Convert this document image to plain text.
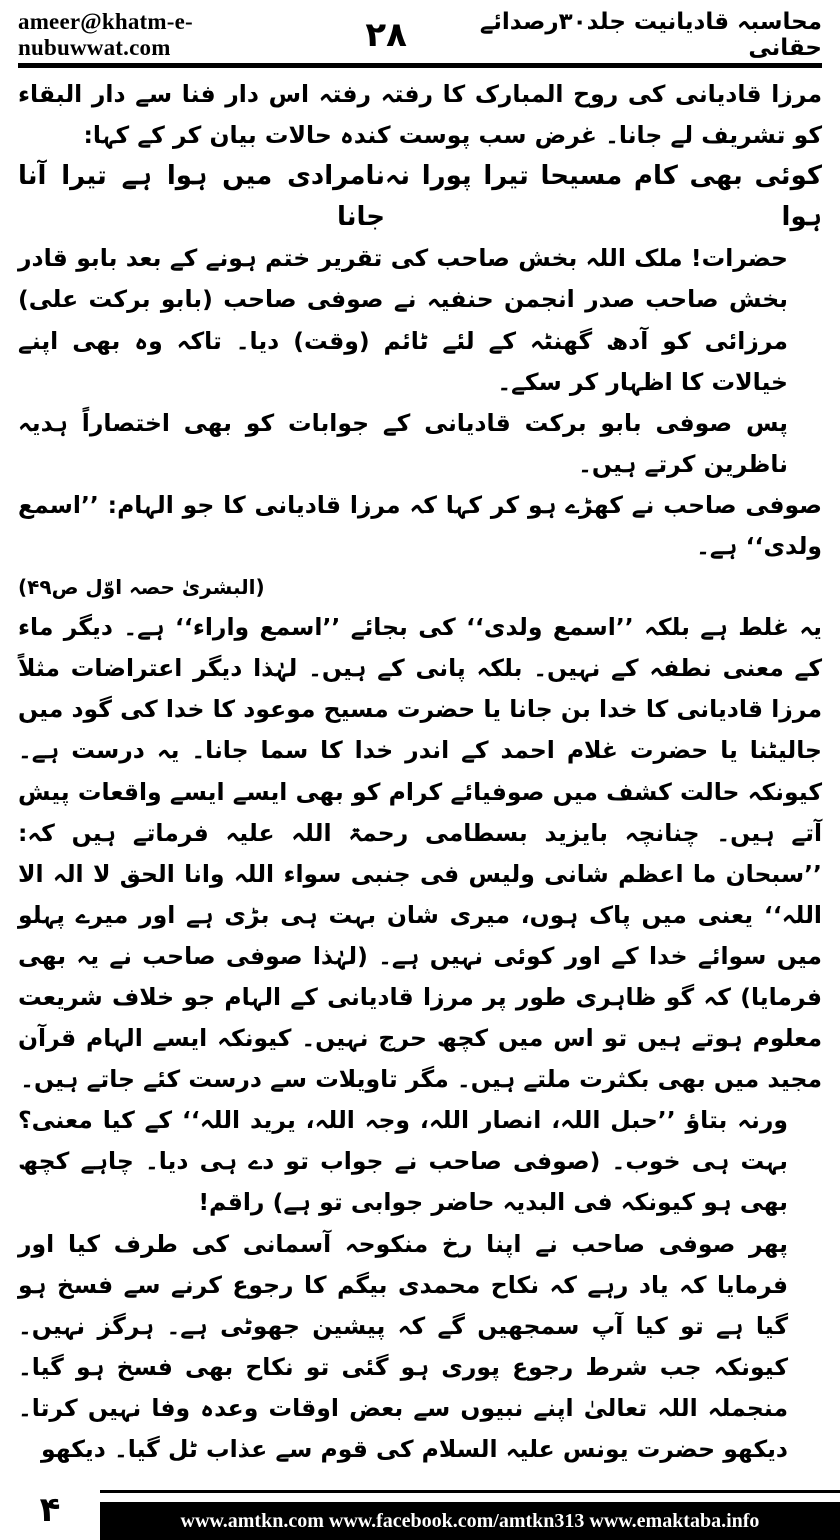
ameer@khatm-e-nubuwwat.com	۲۸	محاسبہ قادیانیت جلد۳۰رصدائے حقانی

مرزا قادیانی کی روح المبارک کا رفتہ رفتہ اس دار فنا سے دار البقاء کو تشریف لے جانا۔ غرض سب پوست کندہ حالات بیان کر کے کہا:

کوئی بھی کام مسیحا تیرا پورا نہ ہوا
نامرادی میں ہوا ہے تیرا آنا جانا

حضرات! ملک اللہ بخش صاحب کی تقریر ختم ہونے کے بعد بابو قادر بخش صاحب صدر انجمن حنفیہ نے صوفی صاحب (بابو برکت علی) مرزائی کو آدھ گھنٹہ کے لئے ٹائم (وقت) دیا۔ تاکہ وہ بھی اپنے خیالات کا اظہار کر سکے۔

پس صوفی بابو برکت قادیانی کے جوابات کو بھی اختصاراً ہدیہ ناظرین کرتے ہیں۔

صوفی صاحب نے کھڑے ہو کر کہا کہ مرزا قادیانی کا جو الہام: ’’اسمع ولدی‘‘ ہے۔

(البشریٰ حصہ اوّل ص۴۹)

یہ غلط ہے بلکہ ’’اسمع ولدی‘‘ کی بجائے ’’اسمع واراء‘‘ ہے۔ دیگر ماء کے معنی نطفہ کے نہیں۔ بلکہ پانی کے ہیں۔ لہٰذا دیگر اعتراضات مثلاً مرزا قادیانی کا خدا بن جانا یا حضرت مسیح موعود کا خدا کی گود میں جالیٹنا یا حضرت غلام احمد کے اندر خدا کا سما جانا۔ یہ درست ہے۔ کیونکہ حالت کشف میں صوفیائے کرام کو بھی ایسے ایسے واقعات پیش آتے ہیں۔ چنانچہ بایزید بسطامی رحمۃ اللہ علیہ فرماتے ہیں کہ: ’’سبحان ما اعظم شانی ولیس فی جنبی سواء اللہ وانا الحق لا الہ الا اللہ‘‘ یعنی میں پاک ہوں، میری شان بہت ہی بڑی ہے اور میرے پہلو میں سوائے خدا کے اور کوئی نہیں ہے۔ (لہٰذا صوفی صاحب نے یہ بھی فرمایا) کہ گو ظاہری طور پر مرزا قادیانی کے الہام جو خلاف شریعت معلوم ہوتے ہیں تو اس میں کچھ حرج نہیں۔ کیونکہ ایسے الہام قرآن مجید میں بھی بکثرت ملتے ہیں۔ مگر تاویلات سے درست کئے جاتے ہیں۔

ورنہ بتاؤ ’’حبل اللہ، انصار اللہ، وجہ اللہ، یرید اللہ‘‘ کے کیا معنی؟ بہت ہی خوب۔ (صوفی صاحب نے جواب تو دے ہی دیا۔ چاہے کچھ بھی ہو کیونکہ فی البدیہ حاضر جوابی تو ہے) راقم!

پھر صوفی صاحب نے اپنا رخ منکوحہ آسمانی کی طرف کیا اور فرمایا کہ یاد رہے کہ نکاح محمدی بیگم کا رجوع کرنے سے فسخ ہو گیا ہے تو کیا آپ سمجھیں گے کہ پیشین جھوٹی ہے۔ ہرگز نہیں۔ کیونکہ جب شرط رجوع پوری ہو گئی تو نکاح بھی فسخ ہو گیا۔ منجملہ اللہ تعالیٰ اپنے نبیوں سے بعض اوقات وعدہ وفا نہیں کرتا۔ دیکھو حضرت یونس علیہ السلام کی قوم سے عذاب ٹل گیا۔ دیکھو

۴	www.amtkn.com www.facebook.com/amtkn313 www.emaktaba.info
